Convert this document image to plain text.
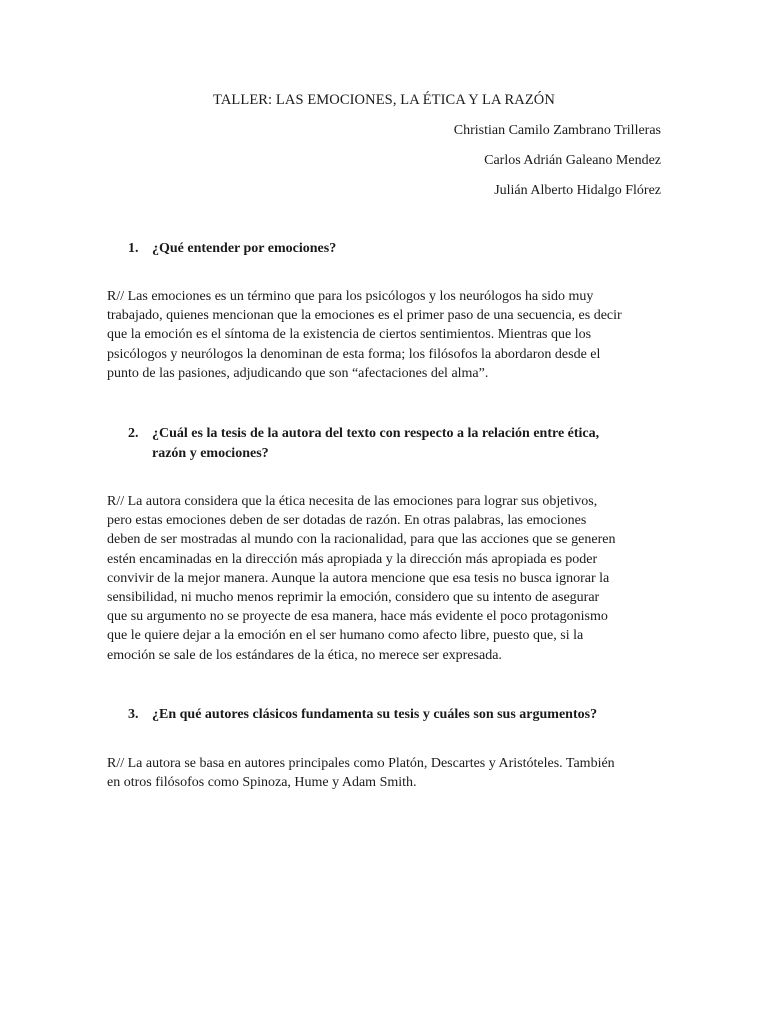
TALLER: LAS EMOCIONES, LA ÉTICA Y LA RAZÓN
Christian Camilo Zambrano Trilleras
Carlos Adrián Galeano Mendez
Julián Alberto Hidalgo Flórez
1. ¿Qué entender por emociones?
R// Las emociones es un término que para los psicólogos y los neurólogos ha sido muy
trabajado, quienes mencionan que la emociones es el primer paso de una secuencia, es decir
que la emoción es el síntoma de la existencia de ciertos sentimientos. Mientras que los
psicólogos y neurólogos la denominan de esta forma; los filósofos la abordaron desde el
punto de las pasiones, adjudicando que son “afectaciones del alma”.
2. ¿Cuál es la tesis de la autora del texto con respecto a la relación entre ética,
razón y emociones?
R// La autora considera que la ética necesita de las emociones para lograr sus objetivos,
pero estas emociones deben de ser dotadas de razón. En otras palabras, las emociones
deben de ser mostradas al mundo con la racionalidad, para que las acciones que se generen
estén encaminadas en la dirección más apropiada y la dirección más apropiada es poder
convivir de la mejor manera. Aunque la autora mencione que esa tesis no busca ignorar la
sensibilidad, ni mucho menos reprimir la emoción, considero que su intento de asegurar
que su argumento no se proyecte de esa manera, hace más evidente el poco protagonismo
que le quiere dejar a la emoción en el ser humano como afecto libre, puesto que, si la
emoción se sale de los estándares de la ética, no merece ser expresada.
3. ¿En qué autores clásicos fundamenta su tesis y cuáles son sus argumentos?
R// La autora se basa en autores principales como Platón, Descartes y Aristóteles. También
en otros filósofos como Spinoza, Hume y Adam Smith.
